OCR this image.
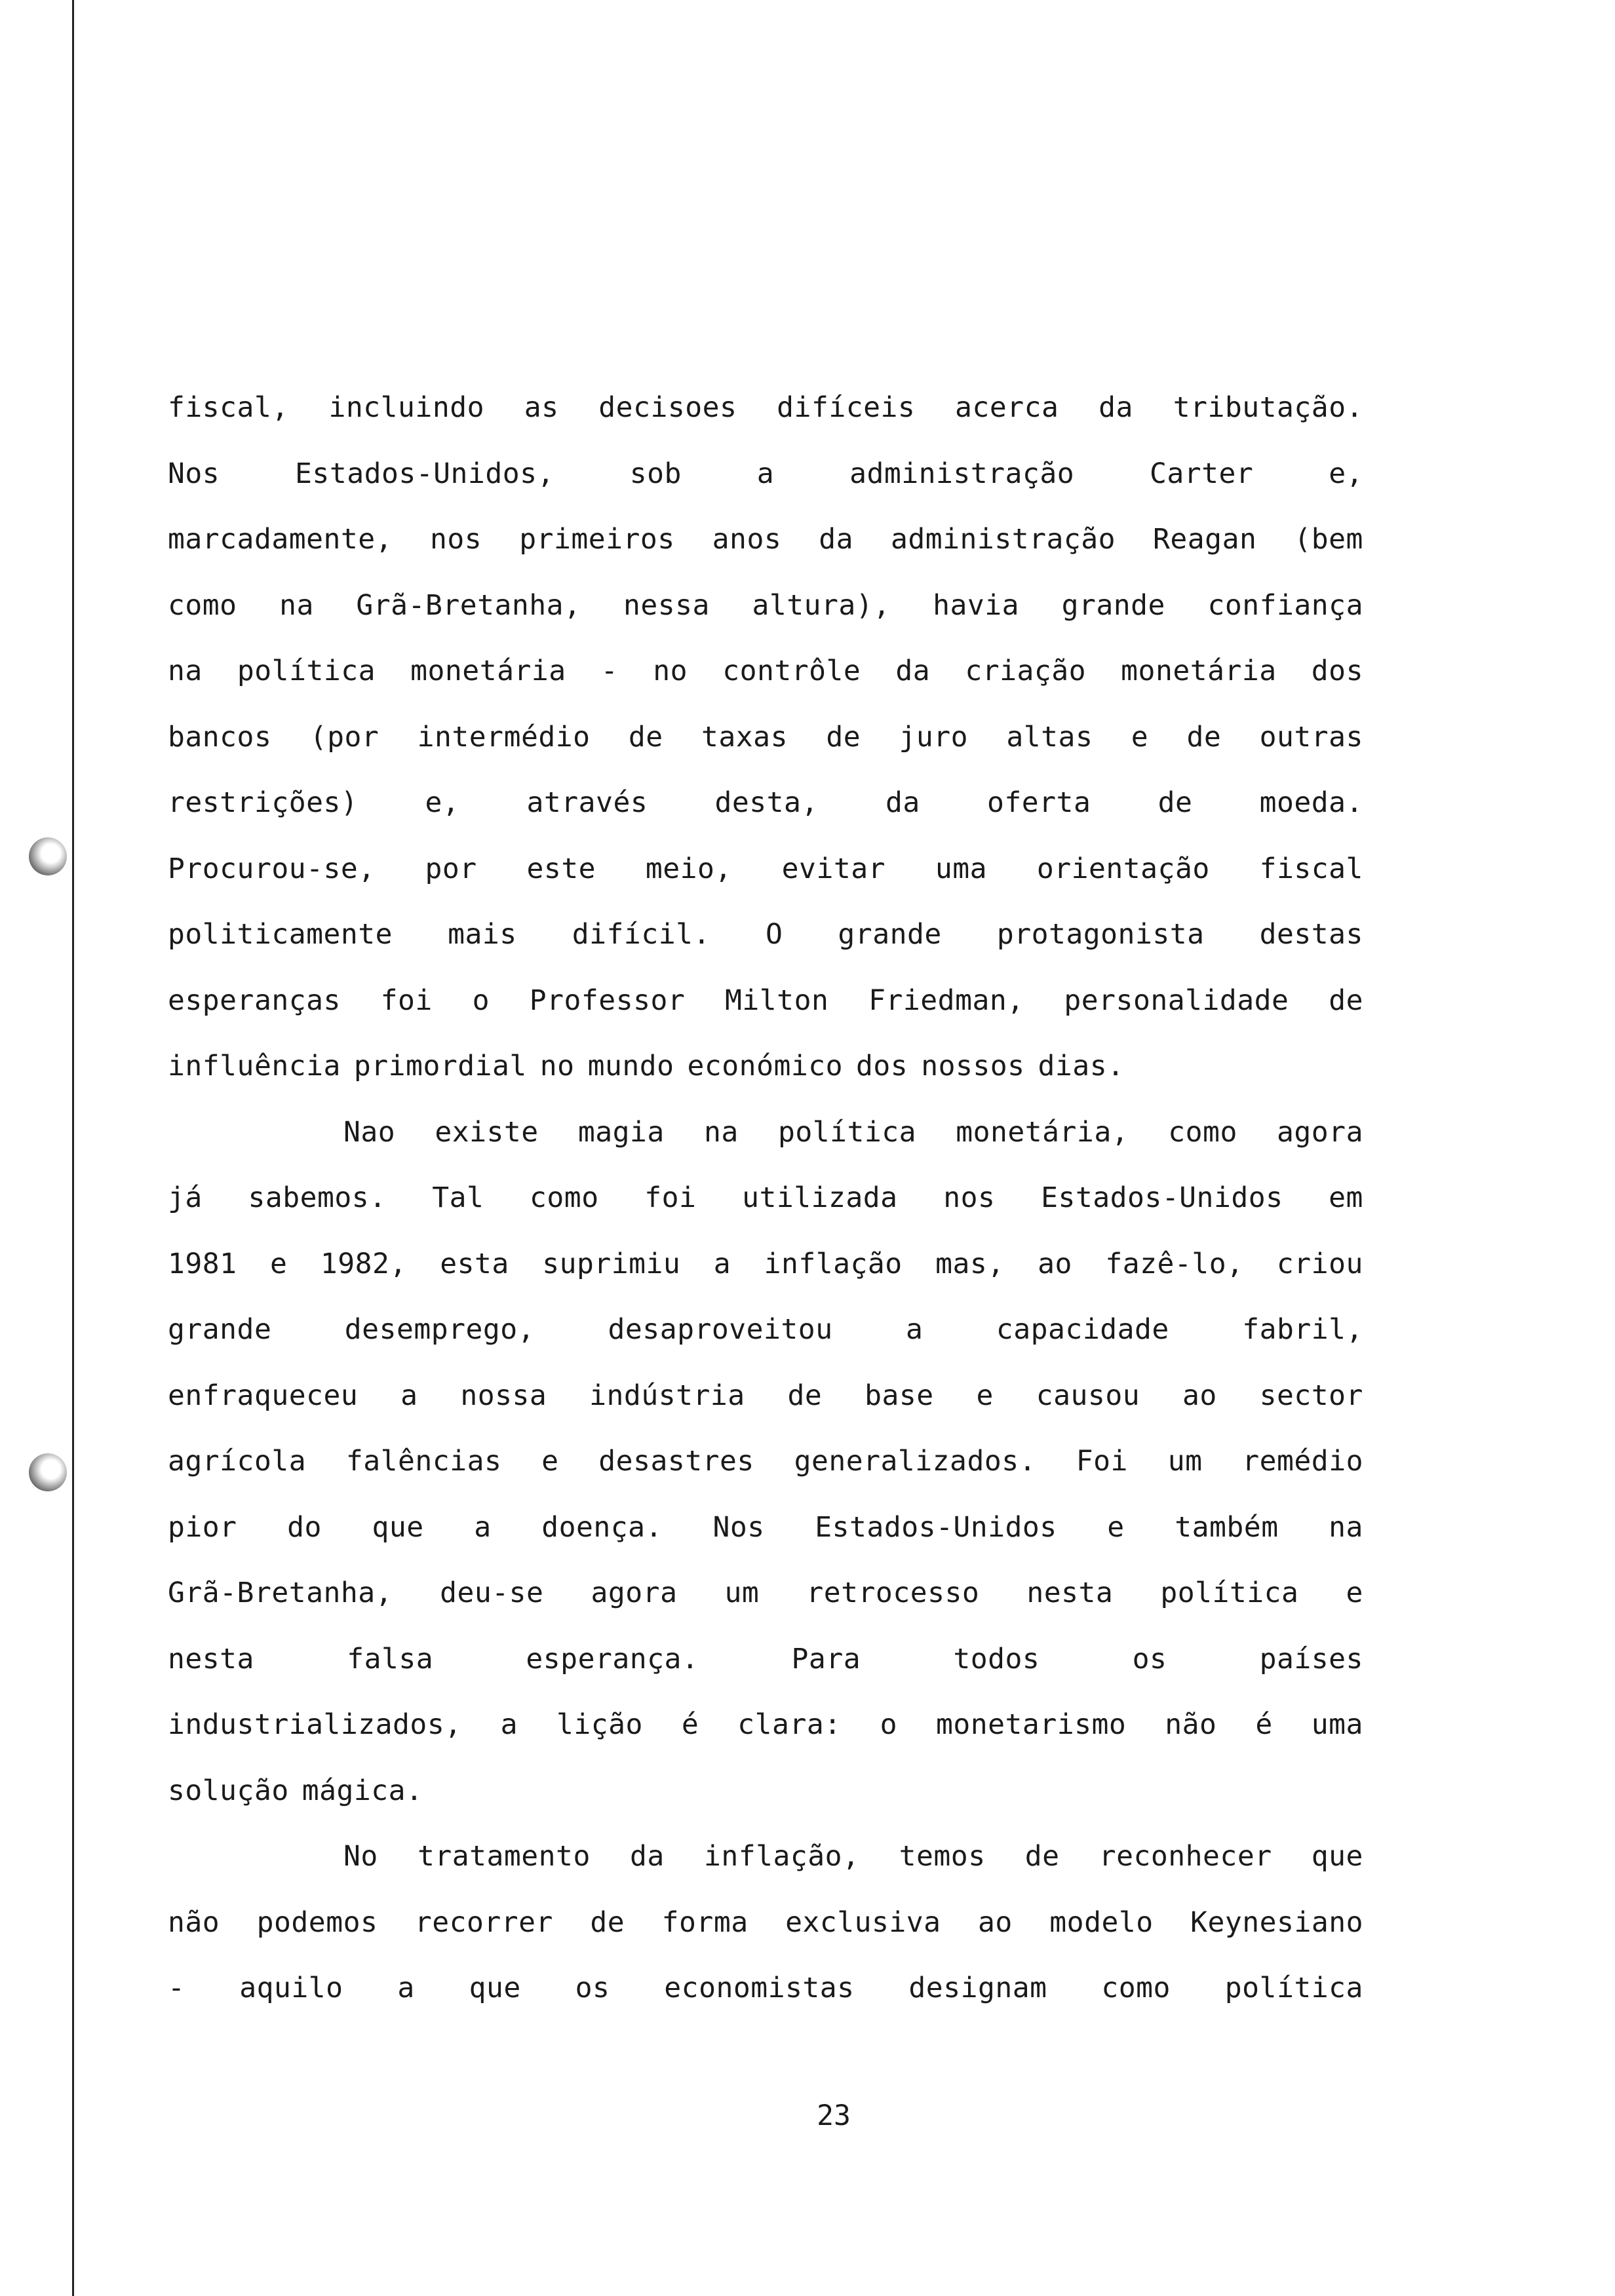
fiscal, incluindo as decisoes difíceis acerca da tributação.
Nos	Estados-Unidos,	sob	a	administração	Carter	e,
marcadamente, nos primeiros anos da administração Reagan (bem
como na Grã-Bretanha, nessa altura), havia grande confiança
na política monetária - no contrôle da criação monetária dos
bancos (por intermédio de taxas de juro altas e de outras
restrições) e, através desta, da oferta de moeda.
Procurou-se, por este meio, evitar uma orientação fiscal
politicamente mais difícil. O grande protagonista destas
esperanças foi o Professor Milton Friedman, personalidade de
influência primordial no mundo económico dos nossos dias.
Nao existe magia na política monetária, como agora
já sabemos. Tal como foi utilizada nos Estados-Unidos em
1981 e 1982, esta suprimiu a inflação mas, ao fazê-lo, criou
grande	desemprego,	desaproveitou	a	capacidade	fabril,
enfraqueceu a nossa indústria de base e causou ao sector
agrícola falências e desastres generalizados. Foi um remédio
pior do que a doença. Nos Estados-Unidos e também na
Grã-Bretanha, deu-se agora um retrocesso nesta política e
nesta	falsa	esperança.	Para	todos	os	países
industrializados, a lição é clara: o monetarismo não é uma
solução mágica.
No tratamento da inflação, temos de reconhecer que
não podemos recorrer de forma exclusiva ao modelo Keynesiano
- aquilo a que os economistas designam como política
23
